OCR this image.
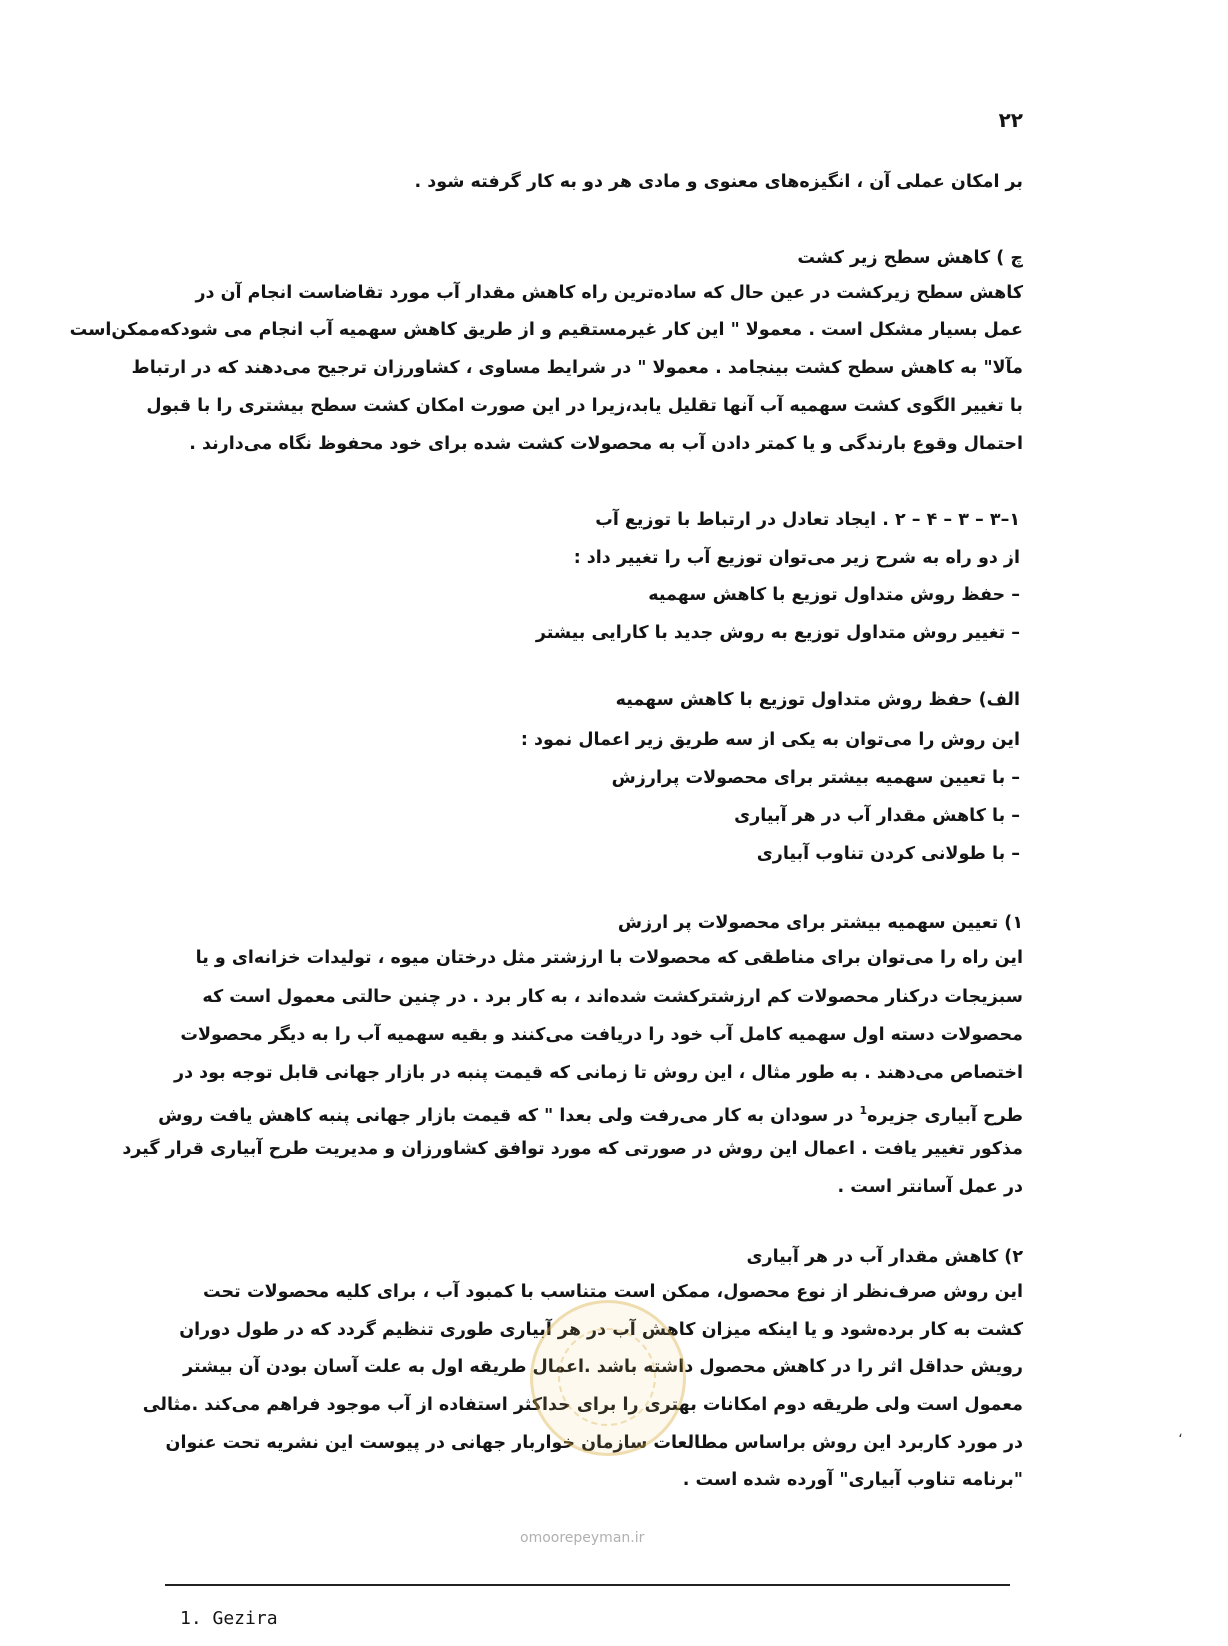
۲۲
بر امکان عملی آن ، انگیزه‌های معنوی و مادی هر دو به کار گرفته شود .
چ ) کاهش سطح زیر کشت
کاهش سطح زیرکشت در عین حال که ساده‌ترین راه کاهش مقدار آب مورد تقاضاست انجام آن در
عمل بسیار مشکل است . معمولا " این کار غیرمستقیم و از طریق کاهش سهمیه آب انجام می شودکه‌ممکن‌است
مآلا" به کاهش سطح کشت بینجامد . معمولا " در شرایط مساوی ، کشاورزان ترجیح می‌دهند که در ارتباط
با تغییر الگوی کشت سهمیه آب آنها تقلیل یابد،زیرا در این صورت امکان کشت سطح بیشتری را با قبول
احتمال وقوع بارندگی و یا کمتر دادن آب به محصولات کشت شده برای خود محفوظ نگاه می‌دارند .
۱–۳ – ۳ – ۴ – ۲ . ایجاد تعادل در ارتباط با توزیع آب
از دو راه به شرح زیر می‌توان توزیع آب را تغییر داد :
– حفظ روش متداول توزیع با کاهش سهمیه
– تغییر روش متداول توزیع به روش جدید با کارایی بیشتر
الف) حفظ روش متداول توزیع با کاهش سهمیه
این روش را می‌توان به یکی از سه طریق زیر اعمال نمود :
– با تعیین سهمیه بیشتر برای محصولات پرارزش
– با کاهش مقدار آب در هر آبیاری
– با طولانی کردن تناوب آبیاری
۱) تعیین سهمیه بیشتر برای محصولات پر ارزش
این راه را می‌توان برای مناطقی که محصولات با ارزشتر مثل درختان میوه ، تولیدات خزانه‌ای و یا
سبزیجات درکنار محصولات کم ارزشترکشت شده‌اند ، به کار برد . در چنین حالتی معمول است که
محصولات دسته اول سهمیه کامل آب خود را دریافت می‌کنند و بقیه سهمیه آب را به دیگر محصولات
اختصاص می‌دهند . به طور مثال ، این روش تا زمانی که قیمت پنبه در بازار جهانی قابل توجه بود در
طرح آبیاری جزیره$^1$ در سودان به کار می‌رفت ولی بعدا " که قیمت بازار جهانی پنبه کاهش یافت روش
مذکور تغییر یافت . اعمال این روش در صورتی که مورد توافق کشاورزان و مدیریت طرح آبیاری قرار گیرد
در عمل آسانتر است .
۲) کاهش مقدار آب در هر آبیاری
این روش صرف‌نظر از نوع محصول، ممکن است متناسب با کمبود آب ، برای کلیه محصولات تحت
کشت به کار برده‌شود و یا اینکه میزان کاهش آب در هر آبیاری طوری تنظیم گردد که در طول دوران
رویش حداقل اثر را در کاهش محصول داشته باشد .اعمال طریقه اول به علت آسان بودن آن بیشتر
معمول است ولی طریقه دوم امکانات بهتری را برای حداکثر استفاده از آب موجود فراهم می‌کند .مثالی
در مورد کاربرد این روش براساس مطالعات سازمان خواربار جهانی در پیوست این نشریه تحت عنوان
"برنامه تناوب آبیاری" آورده شده است .
omoorepeyman.ir
،
1. Gezira
